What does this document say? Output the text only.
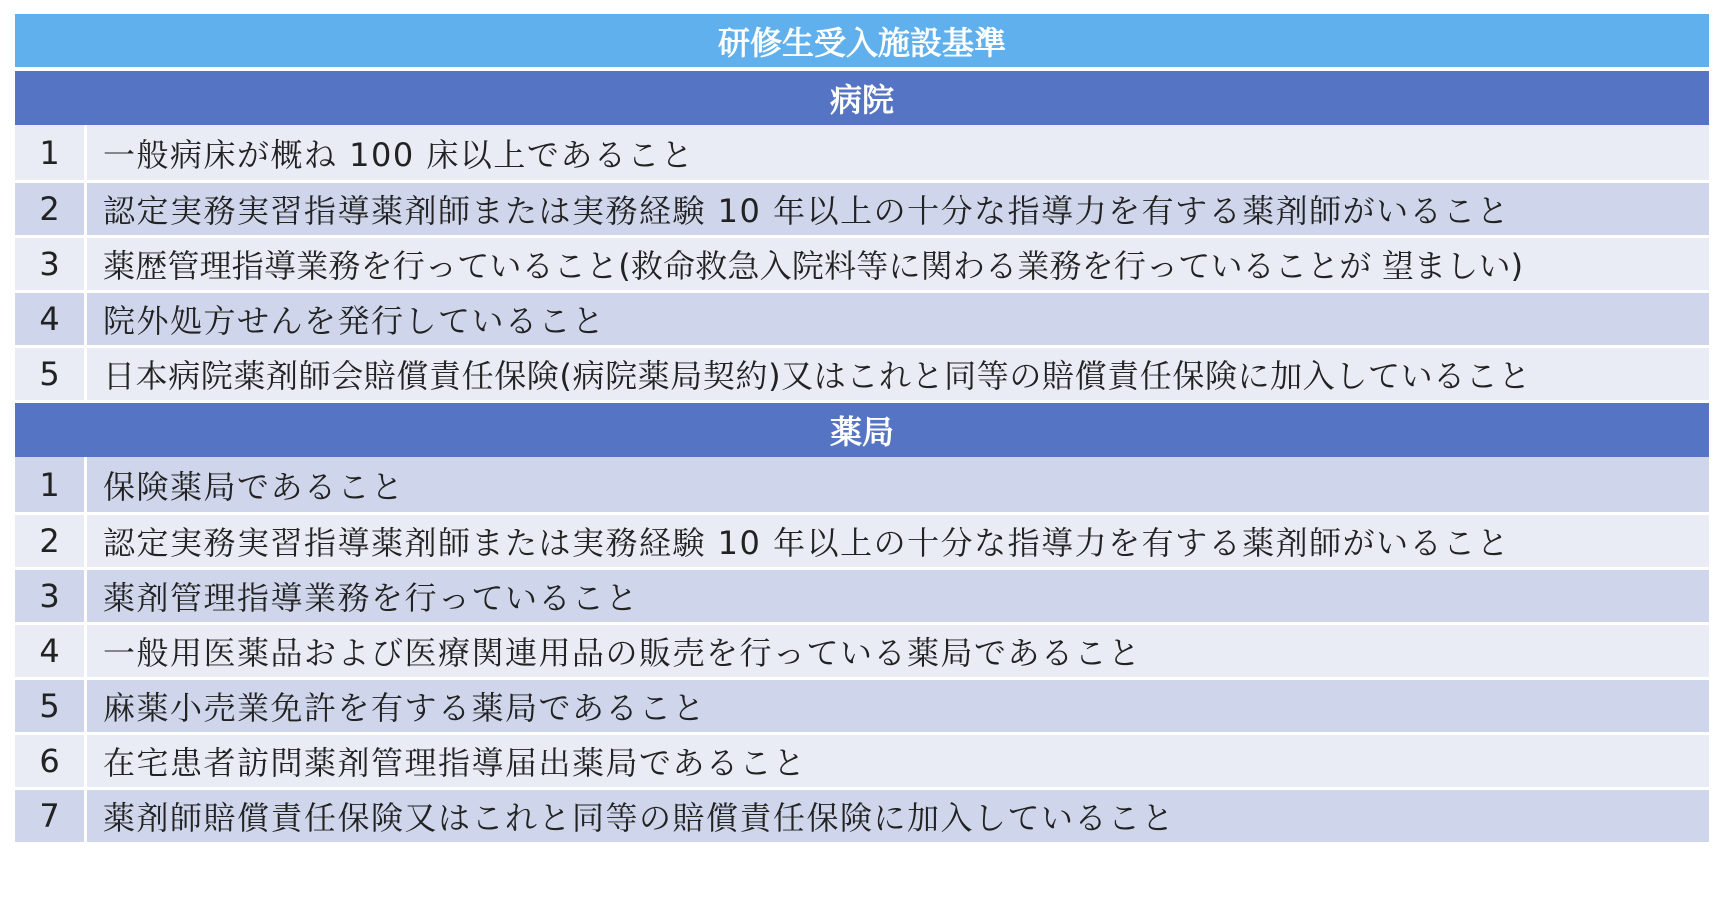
研修生受入施設基準
病院
1	一般病床が概ね 100 床以上であること
2	認定実務実習指導薬剤師または実務経験 10 年以上の十分な指導力を有する薬剤師がいること
3	薬歴管理指導業務を行っていること(救命救急入院料等に関わる業務を行っていることが 望ましい)
4	院外処方せんを発行していること
5	日本病院薬剤師会賠償責任保険(病院薬局契約)又はこれと同等の賠償責任保険に加入していること
薬局
1	保険薬局であること
2	認定実務実習指導薬剤師または実務経験 10 年以上の十分な指導力を有する薬剤師がいること
3	薬剤管理指導業務を行っていること
4	一般用医薬品および医療関連用品の販売を行っている薬局であること
5	麻薬小売業免許を有する薬局であること
6	在宅患者訪問薬剤管理指導届出薬局であること
7	薬剤師賠償責任保険又はこれと同等の賠償責任保険に加入していること
